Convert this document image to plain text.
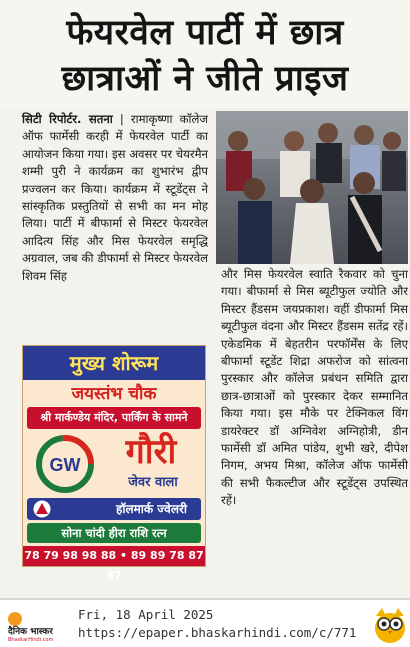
फेयरवेल पार्टी में छात्र
छात्राओं ने जीते प्राइज
सिटी रिपोर्टर. सतना | रामाकृष्णा कॉलेज ऑफ फार्मेसी करही में फेयरवेल पार्टी का आयोजन किया गया। इस अवसर पर चेयरमैन शम्मी पुरी ने कार्यक्रम का शुभारंभ द्वीप प्रज्वलन कर किया। कार्यक्रम में स्टूडेंट्स ने सांस्कृतिक प्रस्तुतियों से सभी का मन मोह लिया। पार्टी में बीफार्मा से मिस्टर फेयरवेल आदित्य सिंह और मिस फेयरवेल समृद्धि अग्रवाल, जब की डीफार्मा से मिस्टर फेयरवेल शिवम सिंह
मुख्य शोरूम
जयस्तंभ चौक
श्री मार्कण्डेय मंदिर, पार्किंग के सामने
GW	गौरी
जेवर वाला
हॉलमार्क ज्वेलरी
सोना चांदी हीरा राशि रत्न
78 79 98 98 88 • 89 89 78 87 87
और मिस फेयरवेल स्वाति रैकवार को चुना गया। बीफार्मा से मिस ब्यूटीफुल ज्योति और मिस्टर हैंडसम जयप्रकाश। वहीं डीफार्मा मिस ब्यूटीफुल वंदना और मिस्टर हैंडसम सतेंद्र रहें। एकेडमिक में बेहतरीन परफॉर्मेंस के लिए बीफार्मा स्टूडेंट शिद्रा अफरोज को सांत्वना पुरस्कार और कॉलेज प्रबंधन समिति द्वारा छात्र-छात्राओं को पुरस्कार देकर सम्मानित किया गया। इस मौके पर टेक्निकल विंग डायरेक्टर डॉ अग्निवेश अग्निहोत्री, डीन फार्मेसी डॉ अमित पांडेय, शुभी खरे, दीपेश निगम, अभय मिश्रा, कॉलेज ऑफ फार्मेसी की सभी फैकल्टीज और स्टूडेंट्स उपस्थित रहें।
दैनिक भास्कर
BhaskarHindi.com
Fri, 18 April 2025
https://epaper.bhaskarhindi.com/c/771
